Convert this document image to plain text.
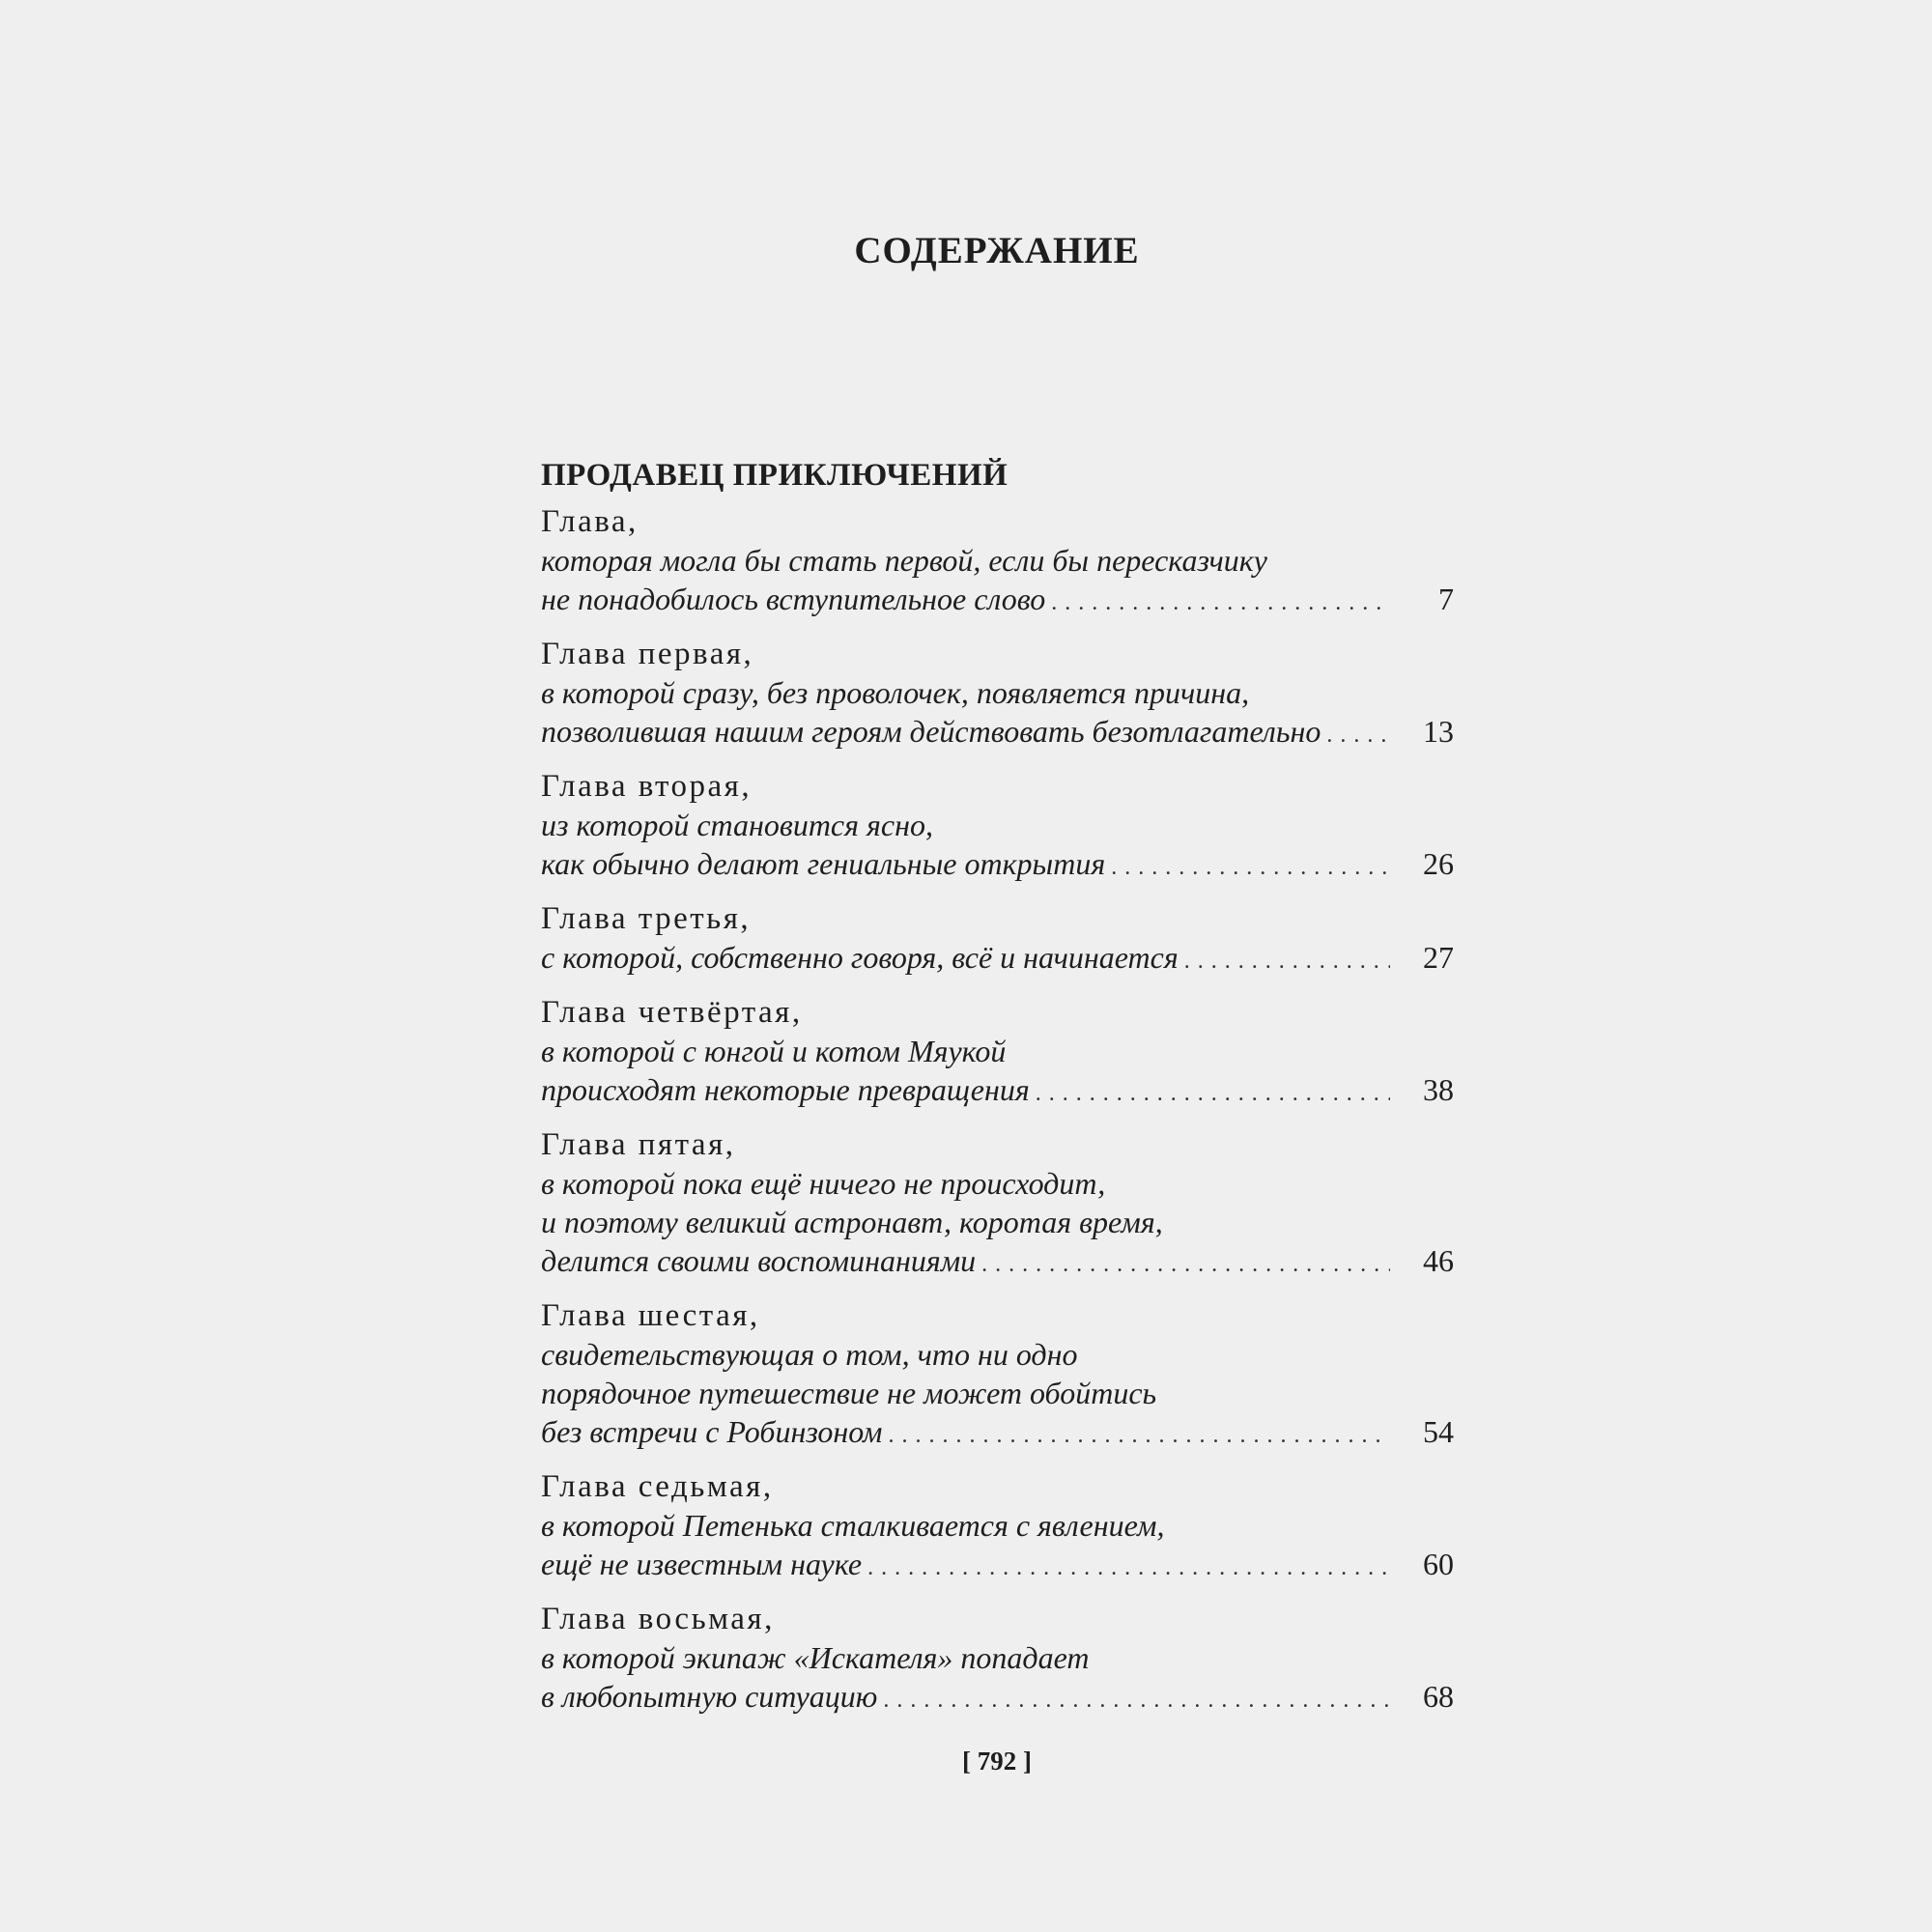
СОДЕРЖАНИЕ
ПРОДАВЕЦ ПРИКЛЮЧЕНИЙ
Глава,
которая могла бы стать первой, если бы пересказчику
не понадобилось вступительное слово . . .	7
Глава первая,
в которой сразу, без проволочек, появляется причина,
позволившая нашим героям действовать безотлагательно . . .	13
Глава вторая,
из которой становится ясно,
как обычно делают гениальные открытия . . .	26
Глава третья,
с которой, собственно говоря, всё и начинается . . .	27
Глава четвёртая,
в которой с юнгой и котом Мяукой
происходят некоторые превращения . . .	38
Глава пятая,
в которой пока ещё ничего не происходит,
и поэтому великий астронавт, коротая время,
делится своими воспоминаниями . . .	46
Глава шестая,
свидетельствующая о том, что ни одно
порядочное путешествие не может обойтись
без встречи с Робинзоном . . .	54
Глава седьмая,
в которой Петенька сталкивается с явлением,
ещё не известным науке . . .	60
Глава восьмая,
в которой экипаж «Искателя» попадает
в любопытную ситуацию . . .	68
[ 792 ]
